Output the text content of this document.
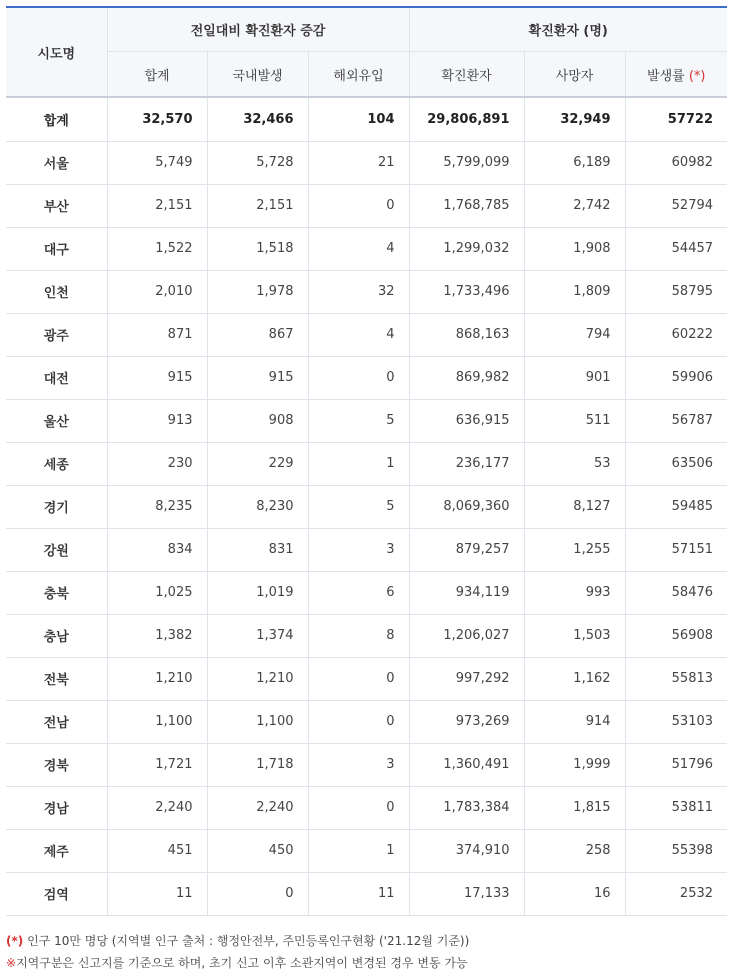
시도명	전일대비 확진환자 증감			확진환자 (명)		
	합계	국내발생	해외유입	확진환자	사망자	발생률 (*)
합계	32,570	32,466	104	29,806,891	32,949	57722
서울	5,749	5,728	21	5,799,099	6,189	60982
부산	2,151	2,151	0	1,768,785	2,742	52794
대구	1,522	1,518	4	1,299,032	1,908	54457
인천	2,010	1,978	32	1,733,496	1,809	58795
광주	871	867	4	868,163	794	60222
대전	915	915	0	869,982	901	59906
울산	913	908	5	636,915	511	56787
세종	230	229	1	236,177	53	63506
경기	8,235	8,230	5	8,069,360	8,127	59485
강원	834	831	3	879,257	1,255	57151
충북	1,025	1,019	6	934,119	993	58476
충남	1,382	1,374	8	1,206,027	1,503	56908
전북	1,210	1,210	0	997,292	1,162	55813
전남	1,100	1,100	0	973,269	914	53103
경북	1,721	1,718	3	1,360,491	1,999	51796
경남	2,240	2,240	0	1,783,384	1,815	53811
제주	451	450	1	374,910	258	55398
검역	11	0	11	17,133	16	2532
(*) 인구 10만 명당 (지역별 인구 출처 : 행정안전부, 주민등록인구현황 ('21.12월 기준))
※지역구분은 신고지를 기준으로 하며, 초기 신고 이후 소관지역이 변경된 경우 변동 가능
